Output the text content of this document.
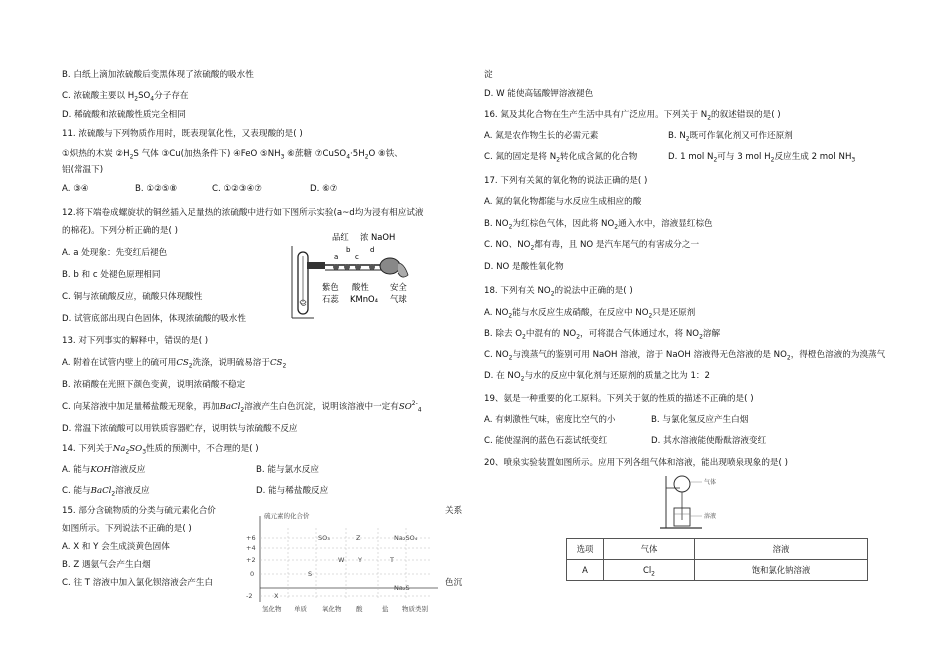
B. 白纸上滴加浓硫酸后变黑体现了浓硫酸的吸水性
C. 浓硫酸主要以 $H_2SO_4$分子存在
D. 稀硫酸和浓硫酸性质完全相同
11. 浓硫酸与下列物质作用时，既表现氧化性，又表现酸的是( )
①炽热的木炭 $②H_2S$ 气体 ③Cu(加热条件下) ④FeO $⑤NH_3$ ⑥蔗糖 $⑦CuSO_4\cdot 5H_2O$ ⑧铁、
铝(常温下)
A. ③④	B. ①②⑤⑧	C. ①②③④⑦	D. ⑥⑦
12.将下端卷成螺旋状的铜丝插入足量热的浓硫酸中进行如下图所示实验(a~d均为浸有相应试液
的棉花)。下列分析正确的是( )
A. a 处现象：先变红后褪色
B. b 和 c 处褪色原理相同
C. 铜与浓硫酸反应，硫酸只体现酸性
D. 试管底部出现白色固体，体现浓硫酸的吸水性
品红 浓 NaOH
a
b
c
d
紫色
石蕊
酸性
KMnO₄
安全
气球
13. 对下列事实的解释中，错误的是( )
A. 附着在试管内壁上的硫可用$CS_2$洗涤，说明硫易溶于$CS_2$
B. 浓硝酸在光照下颜色变黄，说明浓硝酸不稳定
C. 向某溶液中加足量稀盐酸无现象，再加BaCl$_2$溶液产生白色沉淀，说明该溶液中一定有$SO^{2-}_4$
D. 常温下浓硫酸可以用铁质容器贮存，说明铁与浓硫酸不反应
14. 下列关于$Na_2SO_3$性质的预测中，不合理的是( )
A. 能与KOH溶液反应	B. 能与氯水反应
C. 能与BaCl$_2$溶液反应	D. 能与稀盐酸反应
15. 部分含硫物质的分类与硫元素化合价	关系
如图所示。下列说法不正确的是( )
A. X 和 Y 会生成淡黄色固体
B. Z 遇氨气会产生白烟
C. 往 T 溶液中加入氯化钡溶液会产生白	色沉
硫元素的化合价
+6
+4
+2
0
-2
SO₃	Z	Na₂SO₄
W Y	T
S
Na₂S
X
氢化物 单质 氧化物 酸	盐 物质类别
淀
D. W 能使高锰酸钾溶液褪色
16. 氮及其化合物在生产生活中具有广泛应用。下列关于 $N_2$的叙述错误的是( )
A. 氮是农作物生长的必需元素	B. $N_2$既可作氧化剂又可作还原剂
C. 氮的固定是将 $N_2$转化成含氮的化合物	D. 1 mol $N_2$可与 3 mol $H_2$反应生成 2 mol $NH_3$
17. 下列有关氮的氧化物的说法正确的是( )
A. 氮的氧化物都能与水反应生成相应的酸
B. $NO_2$为红棕色气体，因此将 $NO_2$通入水中，溶液显红棕色
C. NO、$NO_2$都有毒，且 NO 是汽车尾气的有害成分之一
D. NO 是酸性氧化物
18. 下列有关 $NO_2$的说法中正确的是( )
A. $NO_2$能与水反应生成硝酸，在反应中 $NO_2$只是还原剂
B. 除去 $O_2$中混有的 $NO_2$，可将混合气体通过水，将 $NO_2$溶解
C. $NO_2$与溴蒸气的鉴别可用 NaOH 溶液，溶于 NaOH 溶液得无色溶液的是 $NO_2$，得橙色溶液的为溴蒸气
D. 在 $NO_2$与水的反应中氧化剂与还原剂的质量之比为 1：2
19、氨是一种重要的化工原料。下列关于氨的性质的描述不正确的是( )
A. 有刺激性气味，密度比空气的小	B. 与氯化氢反应产生白烟
C. 能使湿润的蓝色石蕊试纸变红	D. 其水溶液能使酚酞溶液变红
20、喷泉实验装置如图所示。应用下列各组气体和溶液，能出现喷泉现象的是( )
气体
溶液
选项	气体	溶液
A	$Cl_2$	饱和氯化钠溶液
